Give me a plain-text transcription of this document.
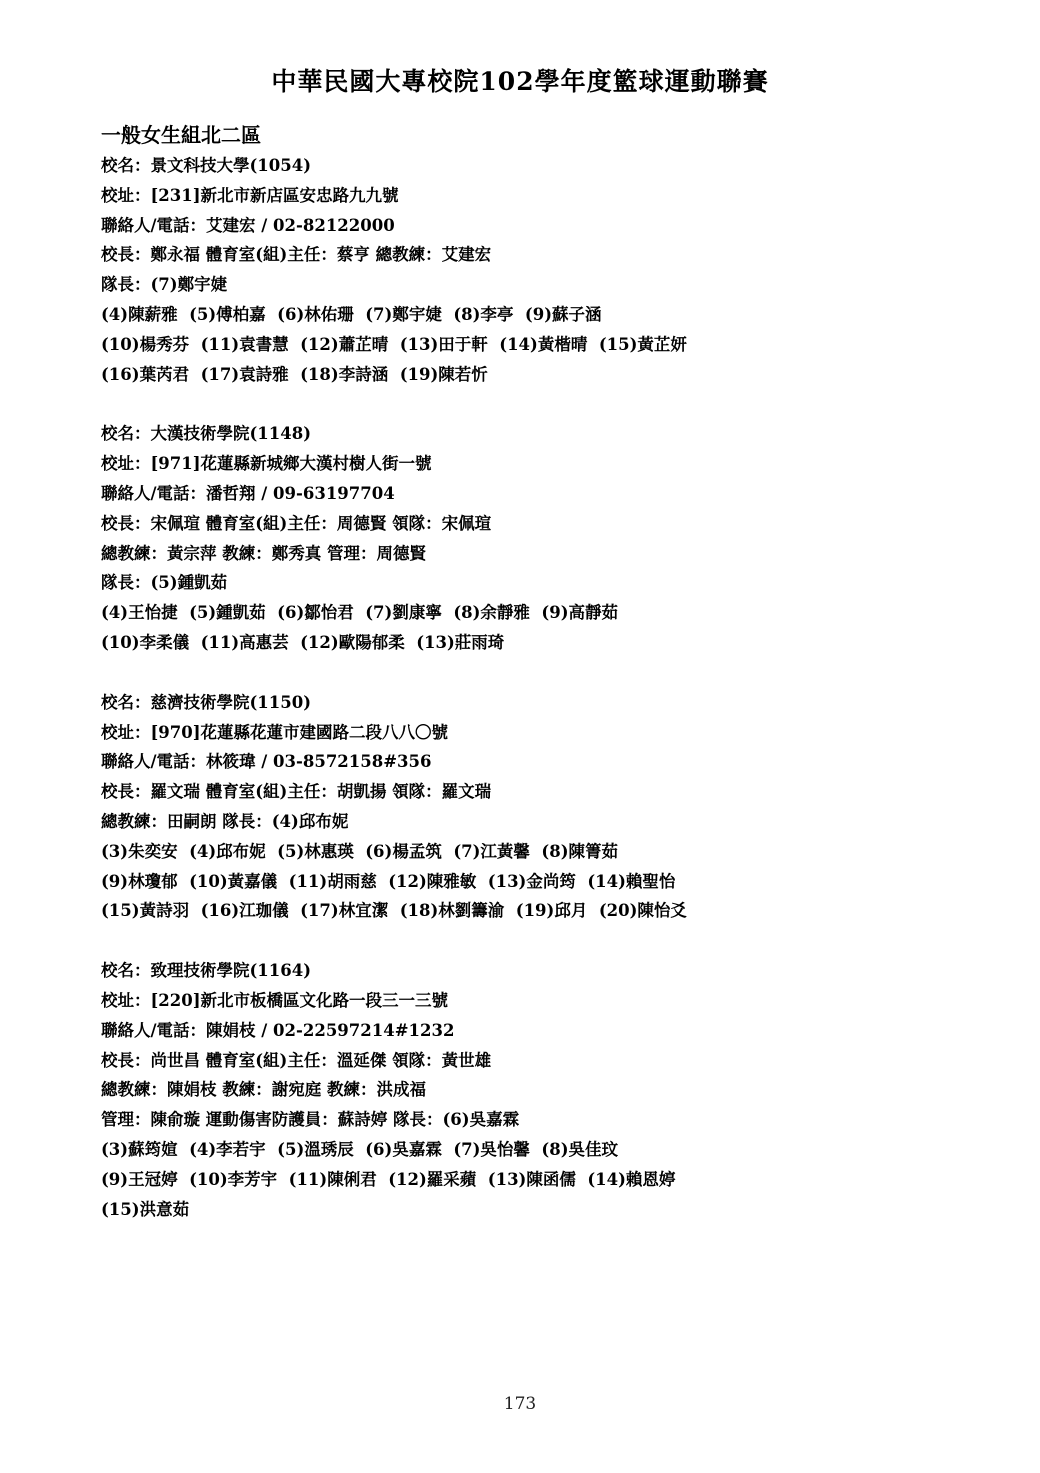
中華民國大專校院102學年度籃球運動聯賽
一般女生組北二區
校名：景文科技大學(1054)
校址：[231]新北市新店區安忠路九九號
聯絡人/電話：艾建宏 / 02-82122000
校長：鄭永福 體育室(組)主任：蔡亨 總教練：艾建宏
隊長：(7)鄭宇婕
(4)陳薪雅  (5)傅柏嘉  (6)林佑珊  (7)鄭宇婕  (8)李亭  (9)蘇子涵
(10)楊秀芬  (11)袁書慧  (12)蕭芷晴  (13)田于軒  (14)黃楷晴  (15)黃芷妍
(16)葉芮君  (17)袁詩雅  (18)李詩涵  (19)陳若忻
校名：大漢技術學院(1148)
校址：[971]花蓮縣新城鄉大漢村樹人街一號
聯絡人/電話：潘哲翔 / 09-63197704
校長：宋佩瑄 體育室(組)主任：周德賢 領隊：宋佩瑄
總教練：黃宗萍 教練：鄭秀真 管理：周德賢
隊長：(5)鍾凱茹
(4)王怡捷  (5)鍾凱茹  (6)鄒怡君  (7)劉康寧  (8)余靜雅  (9)高靜茹
(10)李柔儀  (11)高惠芸  (12)歐陽郁柔  (13)莊雨琦
校名：慈濟技術學院(1150)
校址：[970]花蓮縣花蓮市建國路二段八八〇號
聯絡人/電話：林筱瑋 / 03-8572158#356
校長：羅文瑞 體育室(組)主任：胡凱揚 領隊：羅文瑞
總教練：田嗣朗 隊長：(4)邱布妮
(3)朱奕安  (4)邱布妮  (5)林惠瑛  (6)楊孟筑  (7)江黃馨  (8)陳箐茹
(9)林瓊郁  (10)黃嘉儀  (11)胡雨慈  (12)陳雅敏  (13)金尚筠  (14)賴聖怡
(15)黃詩羽  (16)江珈儀  (17)林宜潔  (18)林劉籌渝  (19)邱月  (20)陳怡爻
校名：致理技術學院(1164)
校址：[220]新北市板橋區文化路一段三一三號
聯絡人/電話：陳娟枝 / 02-22597214#1232
校長：尚世昌 體育室(組)主任：溫延傑 領隊：黃世雄
總教練：陳娟枝 教練：謝宛庭 教練：洪成福
管理：陳俞璇 運動傷害防護員：蘇詩婷 隊長：(6)吳嘉霖
(3)蘇筠媗  (4)李若宇  (5)溫琇辰  (6)吳嘉霖  (7)吳怡馨  (8)吳佳玟
(9)王冠婷  (10)李芳宇  (11)陳俐君  (12)羅采蘋  (13)陳函儒  (14)賴恩婷
(15)洪意茹
173
